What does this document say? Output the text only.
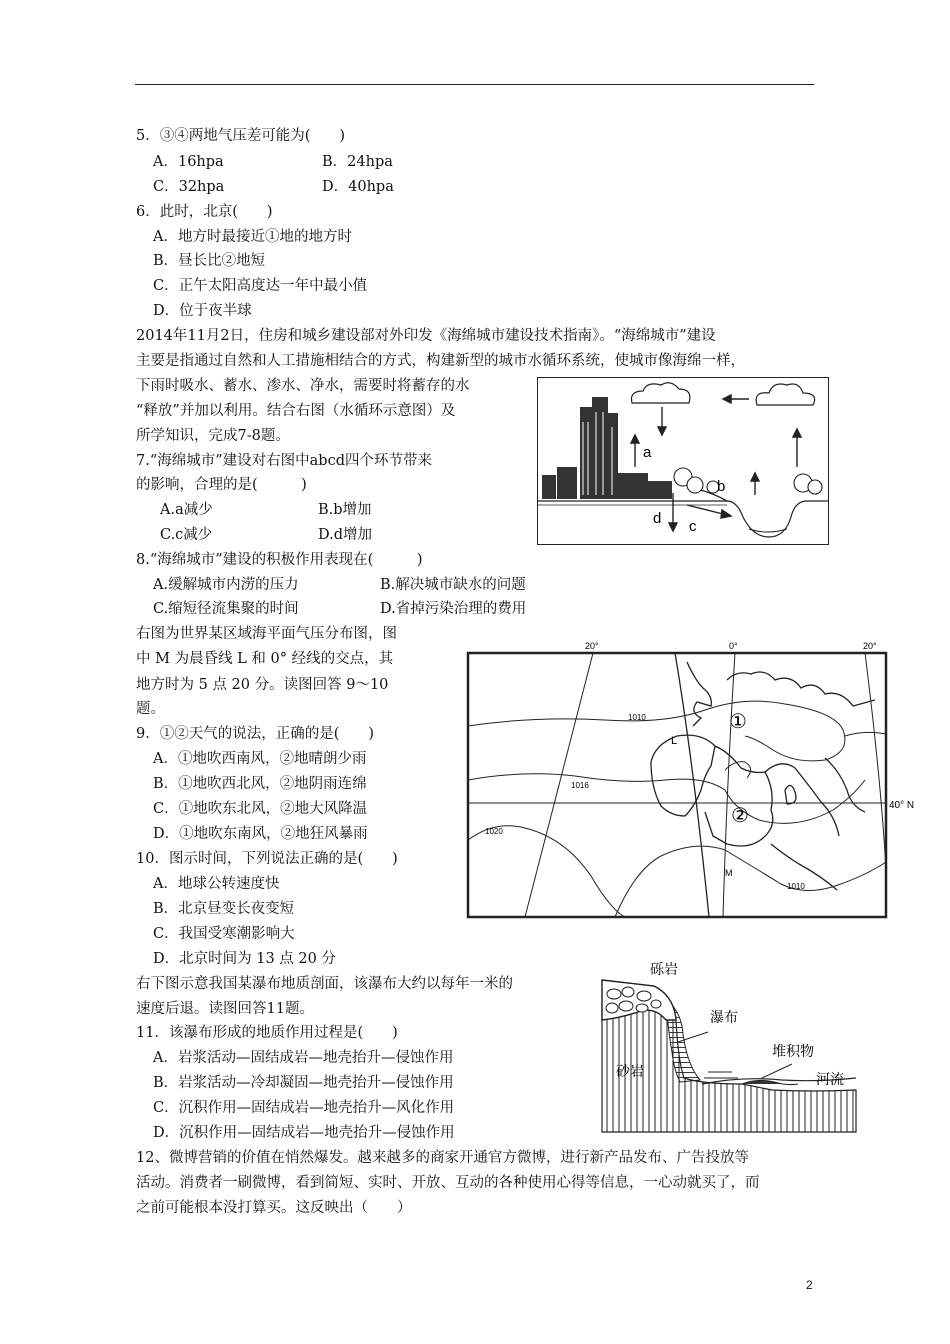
5．③④两地气压差可能为(　　)
A．16hpa	B．24hpa
C．32hpa	D．40hpa
6．此时，北京(　　)
A．地方时最接近①地的地方时
B．昼长比②地短
C．正午太阳高度达一年中最小值
D．位于夜半球
2014年11月2日，住房和城乡建设部对外印发《海绵城市建设技术指南》。“海绵城市”建设
主要是指通过自然和人工措施相结合的方式，构建新型的城市水循环系统，使城市像海绵一样，
下雨时吸水、蓄水、渗水、净水，需要时将蓄存的水
“释放”并加以利用。结合右图（水循环示意图）及
所学知识，完成7-8题。
7.“海绵城市”建设对右图中abcd四个环节带来
的影响，合理的是(　　　)
A.a减少	B.b增加
C.c减少	D.d增加
8.“海绵城市”建设的积极作用表现在(　　　)
A.缓解城市内涝的压力	B.解决城市缺水的问题
C.缩短径流集聚的时间	D.省掉污染治理的费用
右图为世界某区域海平面气压分布图，图
中 M 为晨昏线 L 和 0° 经线的交点，其
地方时为 5 点 20 分。读图回答 9～10
题。
9．①②天气的说法，正确的是(　　)
A．①地吹西南风，②地晴朗少雨
B．①地吹西北风，②地阴雨连绵
C．①地吹东北风，②地大风降温
D．①地吹东南风，②地狂风暴雨
10．图示时间，下列说法正确的是(　　)
A．地球公转速度快
B．北京昼变长夜变短
C．我国受寒潮影响大
D．北京时间为 13 点 20 分
右下图示意我国某瀑布地质剖面，该瀑布大约以每年一米的
速度后退。读图回答11题。
11．该瀑布形成的地质作用过程是(　　)
A．岩浆活动—固结成岩—地壳抬升—侵蚀作用
B．岩浆活动—冷却凝固—地壳抬升—侵蚀作用
C．沉积作用—固结成岩—地壳抬升—风化作用
D．沉积作用—固结成岩—地壳抬升—侵蚀作用
12、微博营销的价值在悄然爆发。越来越多的商家开通官方微博，进行新产品发布、广告投放等
活动。消费者一刷微博，看到简短、实时、开放、互动的各种使用心得等信息，一心动就买了，而
之前可能根本没打算买。这反映出（　　）
a
b
c
d
20°	0°	20°
40° N
1010
1016
1020
1010
L
M
①
②
砾岩
瀑布
堆积物
砂岩	河流
2
